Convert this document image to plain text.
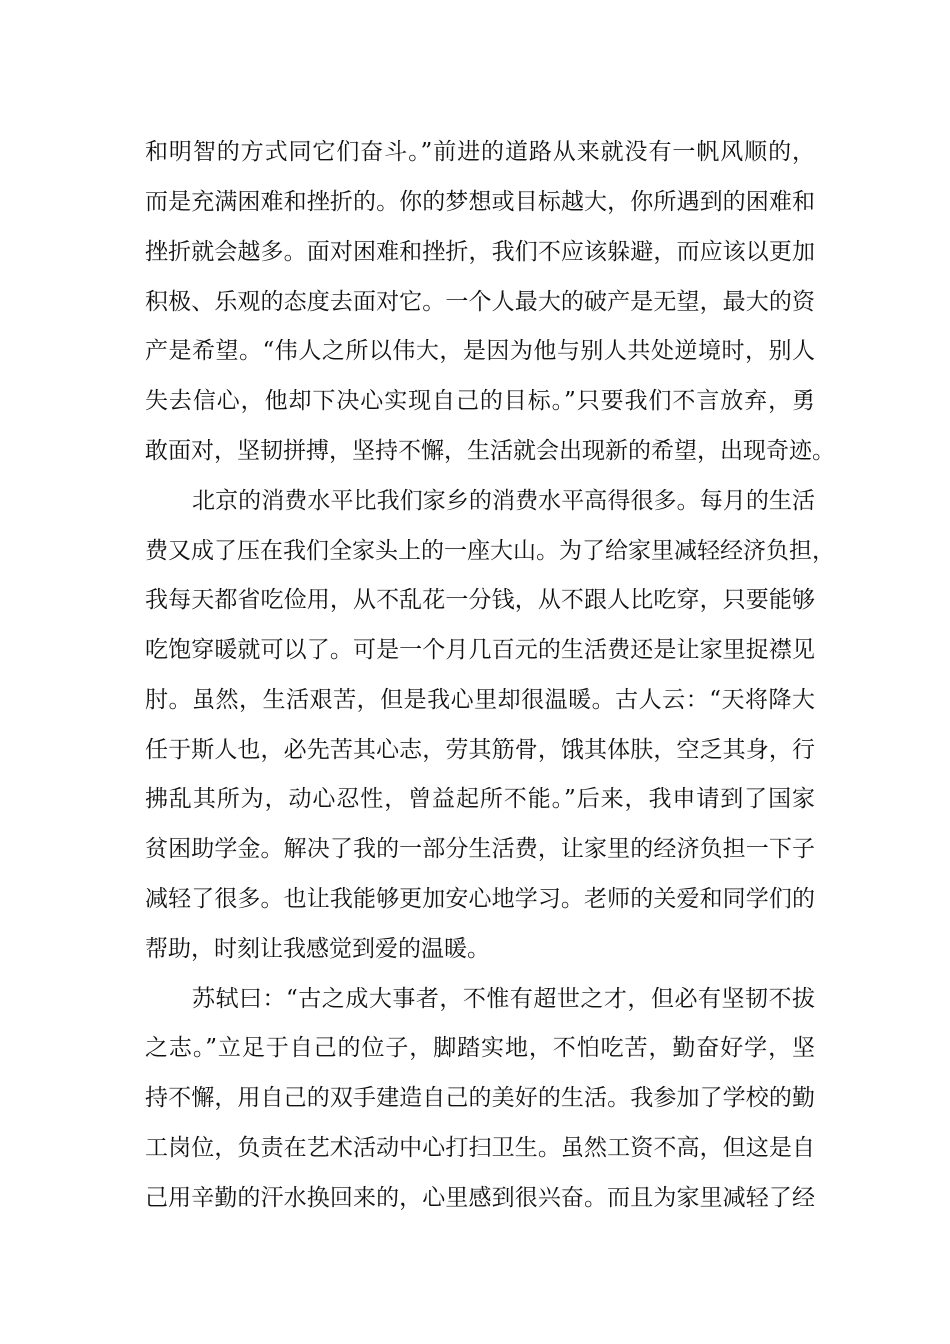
和明智的方式同它们奋斗。”前进的道路从来就没有一帆风顺的，
而是充满困难和挫折的。你的梦想或目标越大，你所遇到的困难和
挫折就会越多。面对困难和挫折，我们不应该躲避，而应该以更加
积极、乐观的态度去面对它。一个人最大的破产是无望，最大的资
产是希望。“伟人之所以伟大，是因为他与别人共处逆境时，别人
失去信心，他却下决心实现自己的目标。”只要我们不言放弃，勇
敢面对，坚韧拼搏，坚持不懈，生活就会出现新的希望，出现奇迹。
北京的消费水平比我们家乡的消费水平高得很多。每月的生活
费又成了压在我们全家头上的一座大山。为了给家里减轻经济负担，
我每天都省吃俭用，从不乱花一分钱，从不跟人比吃穿，只要能够
吃饱穿暖就可以了。可是一个月几百元的生活费还是让家里捉襟见
肘。虽然，生活艰苦，但是我心里却很温暖。古人云：“天将降大
任于斯人也，必先苦其心志，劳其筋骨，饿其体肤，空乏其身，行
拂乱其所为，动心忍性，曾益起所不能。”后来，我申请到了国家
贫困助学金。解决了我的一部分生活费，让家里的经济负担一下子
减轻了很多。也让我能够更加安心地学习。老师的关爱和同学们的
帮助，时刻让我感觉到爱的温暖。
苏轼曰：“古之成大事者，不惟有超世之才，但必有坚韧不拔
之志。”立足于自己的位子，脚踏实地，不怕吃苦，勤奋好学，坚
持不懈，用自己的双手建造自己的美好的生活。我参加了学校的勤
工岗位，负责在艺术活动中心打扫卫生。虽然工资不高，但这是自
己用辛勤的汗水换回来的，心里感到很兴奋。而且为家里减轻了经
